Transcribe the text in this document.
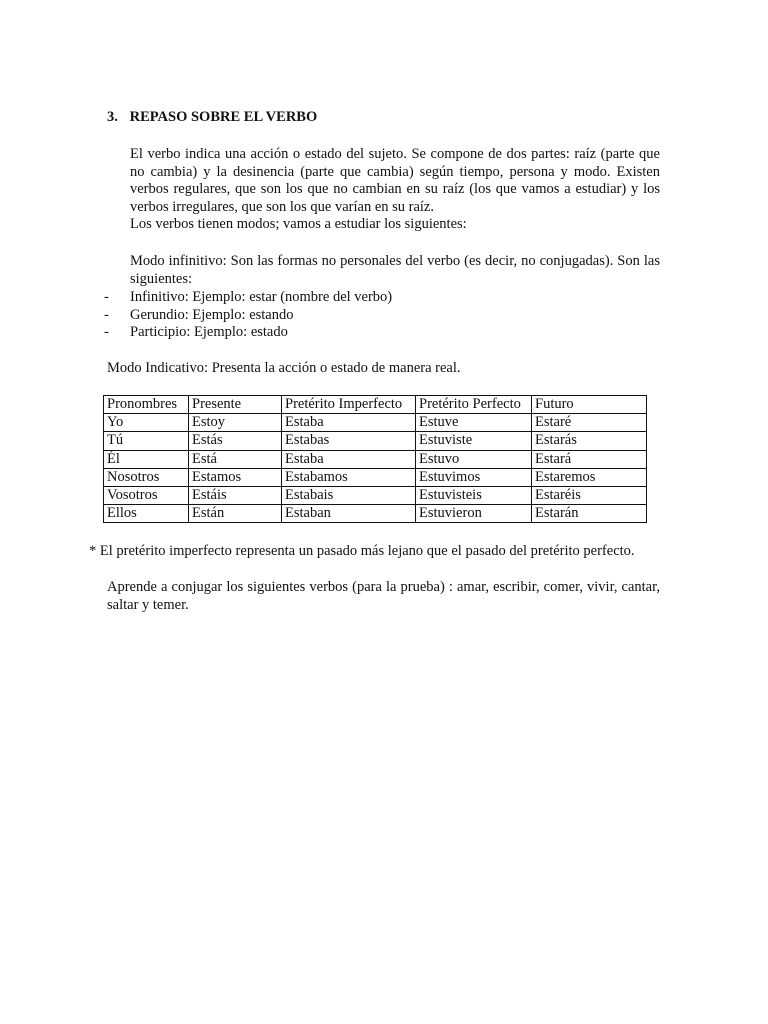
3. REPASO SOBRE EL VERBO

El verbo indica una acción o estado del sujeto. Se compone de dos partes: raíz (parte que no cambia) y la desinencia (parte que cambia) según tiempo, persona y modo. Existen verbos regulares, que son los que no cambian en su raíz (los que vamos a estudiar) y los verbos irregulares, que son los que varían en su raíz.

Los verbos tienen modos; vamos a estudiar los siguientes:

Modo infinitivo: Son las formas no personales del verbo (es decir, no conjugadas). Son las siguientes:

- Infinitivo: Ejemplo: estar (nombre del verbo)
- Gerundio: Ejemplo: estando
- Participio: Ejemplo: estado
Modo Indicativo: Presenta la acción o estado de manera real.
Pronombres	Presente	Pretérito Imperfecto	Pretérito Perfecto	Futuro
Yo	Estoy	Estaba	Estuve	Estaré
Tú	Estás	Estabas	Estuviste	Estarás
Él	Está	Estaba	Estuvo	Estará
Nosotros	Estamos	Estabamos	Estuvimos	Estaremos
Vosotros	Estáis	Estabais	Estuvisteis	Estaréis
Ellos	Están	Estaban	Estuvieron	Estarán
* El pretérito imperfecto representa un pasado más lejano que el pasado del pretérito perfecto.

Aprende a conjugar los siguientes verbos (para la prueba) : amar, escribir, comer, vivir, cantar, saltar y temer.
